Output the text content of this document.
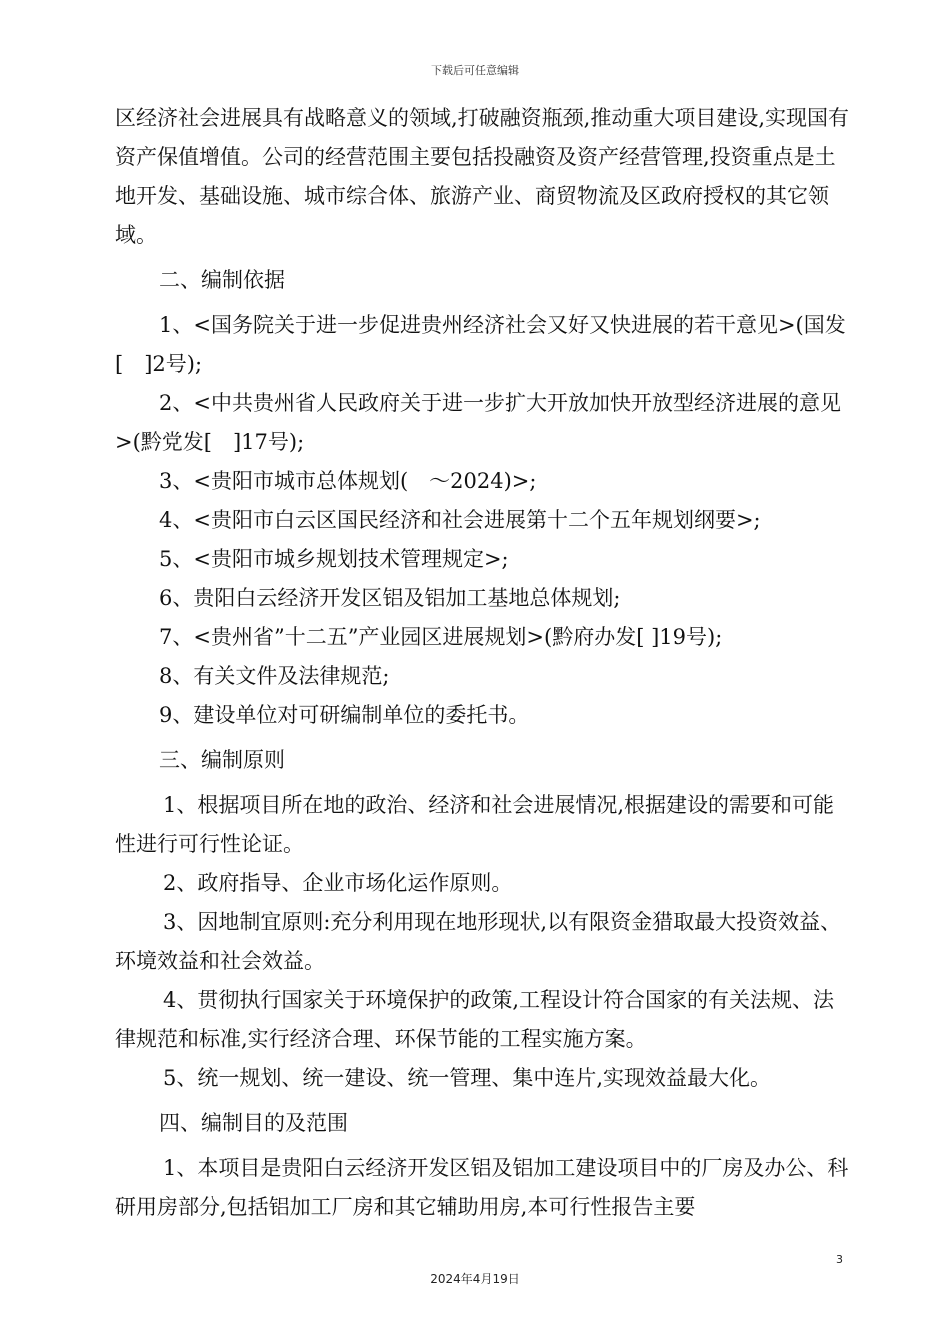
下载后可任意编辑

区经济社会进展具有战略意义的领域,打破融资瓶颈,推动重大项目建设,实现国有资产保值增值。公司的经营范围主要包括投融资及资产经营管理,投资重点是土地开发、基础设施、城市综合体、旅游产业、商贸物流及区政府授权的其它领域。

二、编制依据

1、<国务院关于进一步促进贵州经济社会又好又快进展的若干意见>(国发[　]2号);

2、<中共贵州省人民政府关于进一步扩大开放加快开放型经济进展的意见>(黔党发[　]17号);

3、<贵阳市城市总体规划(　～2024)>;

4、<贵阳市白云区国民经济和社会进展第十二个五年规划纲要>;

5、<贵阳市城乡规划技术管理规定>;

6、贵阳白云经济开发区铝及铝加工基地总体规划;

7、<贵州省”十二五”产业园区进展规划>(黔府办发[ ]19号);

8、有关文件及法律规范;

9、建设单位对可研编制单位的委托书。

三、编制原则

1、根据项目所在地的政治、经济和社会进展情况,根据建设的需要和可能性进行可行性论证。

2、政府指导、企业市场化运作原则。

3、因地制宜原则:充分利用现在地形现状,以有限资金猎取最大投资效益、环境效益和社会效益。

4、贯彻执行国家关于环境保护的政策,工程设计符合国家的有关法规、法律规范和标准,实行经济合理、环保节能的工程实施方案。

5、统一规划、统一建设、统一管理、集中连片,实现效益最大化。

四、编制目的及范围

1、本项目是贵阳白云经济开发区铝及铝加工建设项目中的厂房及办公、科研用房部分,包括铝加工厂房和其它辅助用房,本可行性报告主要

3
2024年4月19日
